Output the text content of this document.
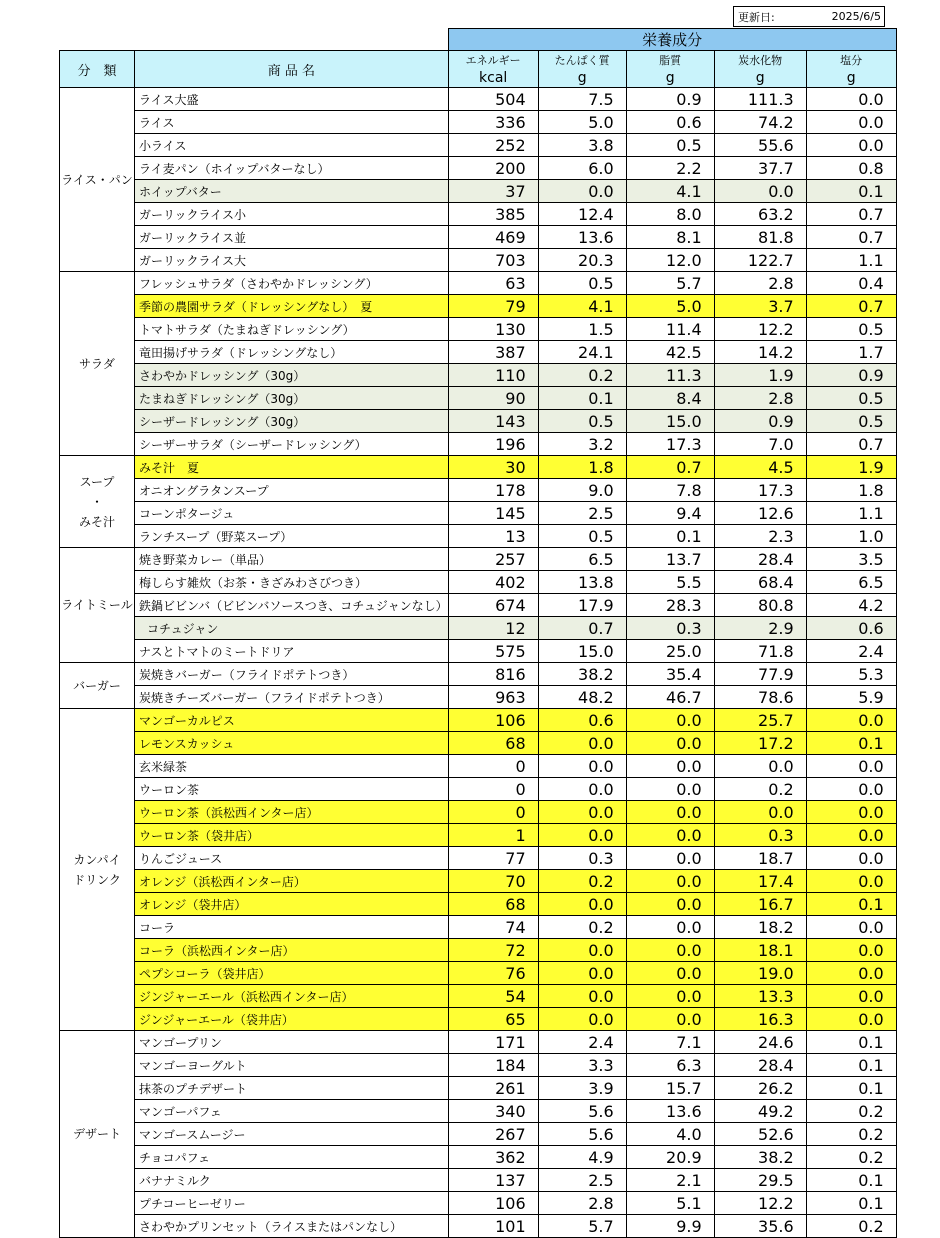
更新日:	2025/6/5
		栄養成分				
分　類	商 品 名	エネルギー	たんぱく質	脂質	炭水化物	塩分
		kcal	g	g	g	g

ライス・パン	ライス大盛	504	7.5	0.9	111.3	0.0
	ライス	336	5.0	0.6	74.2	0.0
	小ライス	252	3.8	0.5	55.6	0.0
	ライ麦パン（ホイップバターなし）	200	6.0	2.2	37.7	0.8
	ホイップバター	37	0.0	4.1	0.0	0.1
	ガーリックライス小	385	12.4	8.0	63.2	0.7
	ガーリックライス並	469	13.6	8.1	81.8	0.7
	ガーリックライス大	703	20.3	12.0	122.7	1.1

サラダ	フレッシュサラダ（さわやかドレッシング）	63	0.5	5.7	2.8	0.4
	季節の農園サラダ（ドレッシングなし）　夏	79	4.1	5.0	3.7	0.7
	トマトサラダ（たまねぎドレッシング）	130	1.5	11.4	12.2	0.5
	竜田揚げサラダ（ドレッシングなし）	387	24.1	42.5	14.2	1.7
	さわやかドレッシング（30g）	110	0.2	11.3	1.9	0.9
	たまねぎドレッシング（30g）	90	0.1	8.4	2.8	0.5
	シーザードレッシング（30g）	143	0.5	15.0	0.9	0.5
	シーザーサラダ（シーザードレッシング）	196	3.2	17.3	7.0	0.7

スープ
・
みそ汁	みそ汁　夏	30	1.8	0.7	4.5	1.9
	オニオングラタンスープ	178	9.0	7.8	17.3	1.8
	コーンポタージュ	145	2.5	9.4	12.6	1.1
	ランチスープ（野菜スープ）	13	0.5	0.1	2.3	1.0

ライトミール	焼き野菜カレー（単品）	257	6.5	13.7	28.4	3.5
	梅しらす雑炊（お茶・きざみわさびつき）	402	13.8	5.5	68.4	6.5
	鉄鍋ビビンバ（ビビンバソースつき、コチュジャンなし）	674	17.9	28.3	80.8	4.2
	コチュジャン	12	0.7	0.3	2.9	0.6
	ナスとトマトのミートドリア	575	15.0	25.0	71.8	2.4

バーガー	炭焼きバーガー（フライドポテトつき）	816	38.2	35.4	77.9	5.3
	炭焼きチーズバーガー（フライドポテトつき）	963	48.2	46.7	78.6	5.9

カンパイ
ドリンク	マンゴーカルピス	106	0.6	0.0	25.7	0.0
	レモンスカッシュ	68	0.0	0.0	17.2	0.1
	玄米緑茶	0	0.0	0.0	0.0	0.0
	ウーロン茶	0	0.0	0.0	0.2	0.0
	ウーロン茶（浜松西インター店）	0	0.0	0.0	0.0	0.0
	ウーロン茶（袋井店）	1	0.0	0.0	0.3	0.0
	りんごジュース	77	0.3	0.0	18.7	0.0
	オレンジ（浜松西インター店）	70	0.2	0.0	17.4	0.0
	オレンジ（袋井店）	68	0.0	0.0	16.7	0.1
	コーラ	74	0.2	0.0	18.2	0.0
	コーラ（浜松西インター店）	72	0.0	0.0	18.1	0.0
	ペプシコーラ（袋井店）	76	0.0	0.0	19.0	0.0
	ジンジャーエール（浜松西インター店）	54	0.0	0.0	13.3	0.0
	ジンジャーエール（袋井店）	65	0.0	0.0	16.3	0.0

デザート	マンゴープリン	171	2.4	7.1	24.6	0.1
	マンゴーヨーグルト	184	3.3	6.3	28.4	0.1
	抹茶のプチデザート	261	3.9	15.7	26.2	0.1
	マンゴーパフェ	340	5.6	13.6	49.2	0.2
	マンゴースムージー	267	5.6	4.0	52.6	0.2
	チョコパフェ	362	4.9	20.9	38.2	0.2
	バナナミルク	137	2.5	2.1	29.5	0.1
	プチコーヒーゼリー	106	2.8	5.1	12.2	0.1
	さわやかプリンセット（ライスまたはパンなし）	101	5.7	9.9	35.6	0.2
